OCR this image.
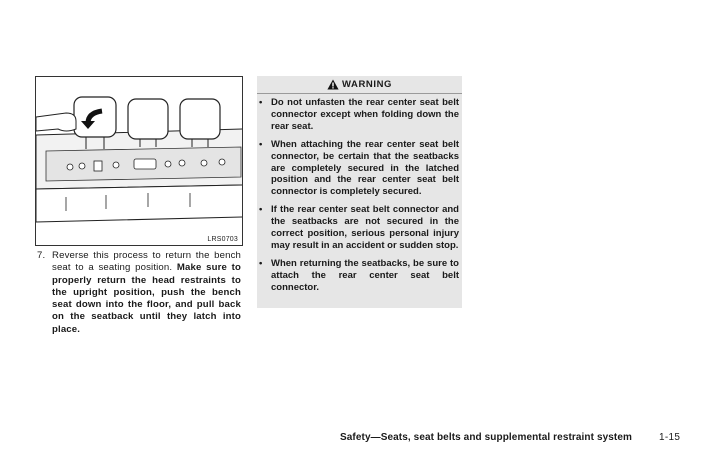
LRS0703
7. Reverse this process to return the bench seat to a seating position. Make sure to properly return the head restraints to the upright position, push the bench seat down into the floor, and pull back on the seatback until they latch into place.
WARNING
• Do not unfasten the rear center seat belt connector except when folding down the rear seat.
• When attaching the rear center seat belt connector, be certain that the seatbacks are completely secured in the latched position and the rear center seat belt connector is completely secured.
• If the rear center seat belt connector and the seatbacks are not secured in the correct position, serious personal injury may result in an accident or sudden stop.
• When returning the seatbacks, be sure to attach the rear center seat belt connector.
Safety—Seats, seat belts and supplemental restraint system	1-15
